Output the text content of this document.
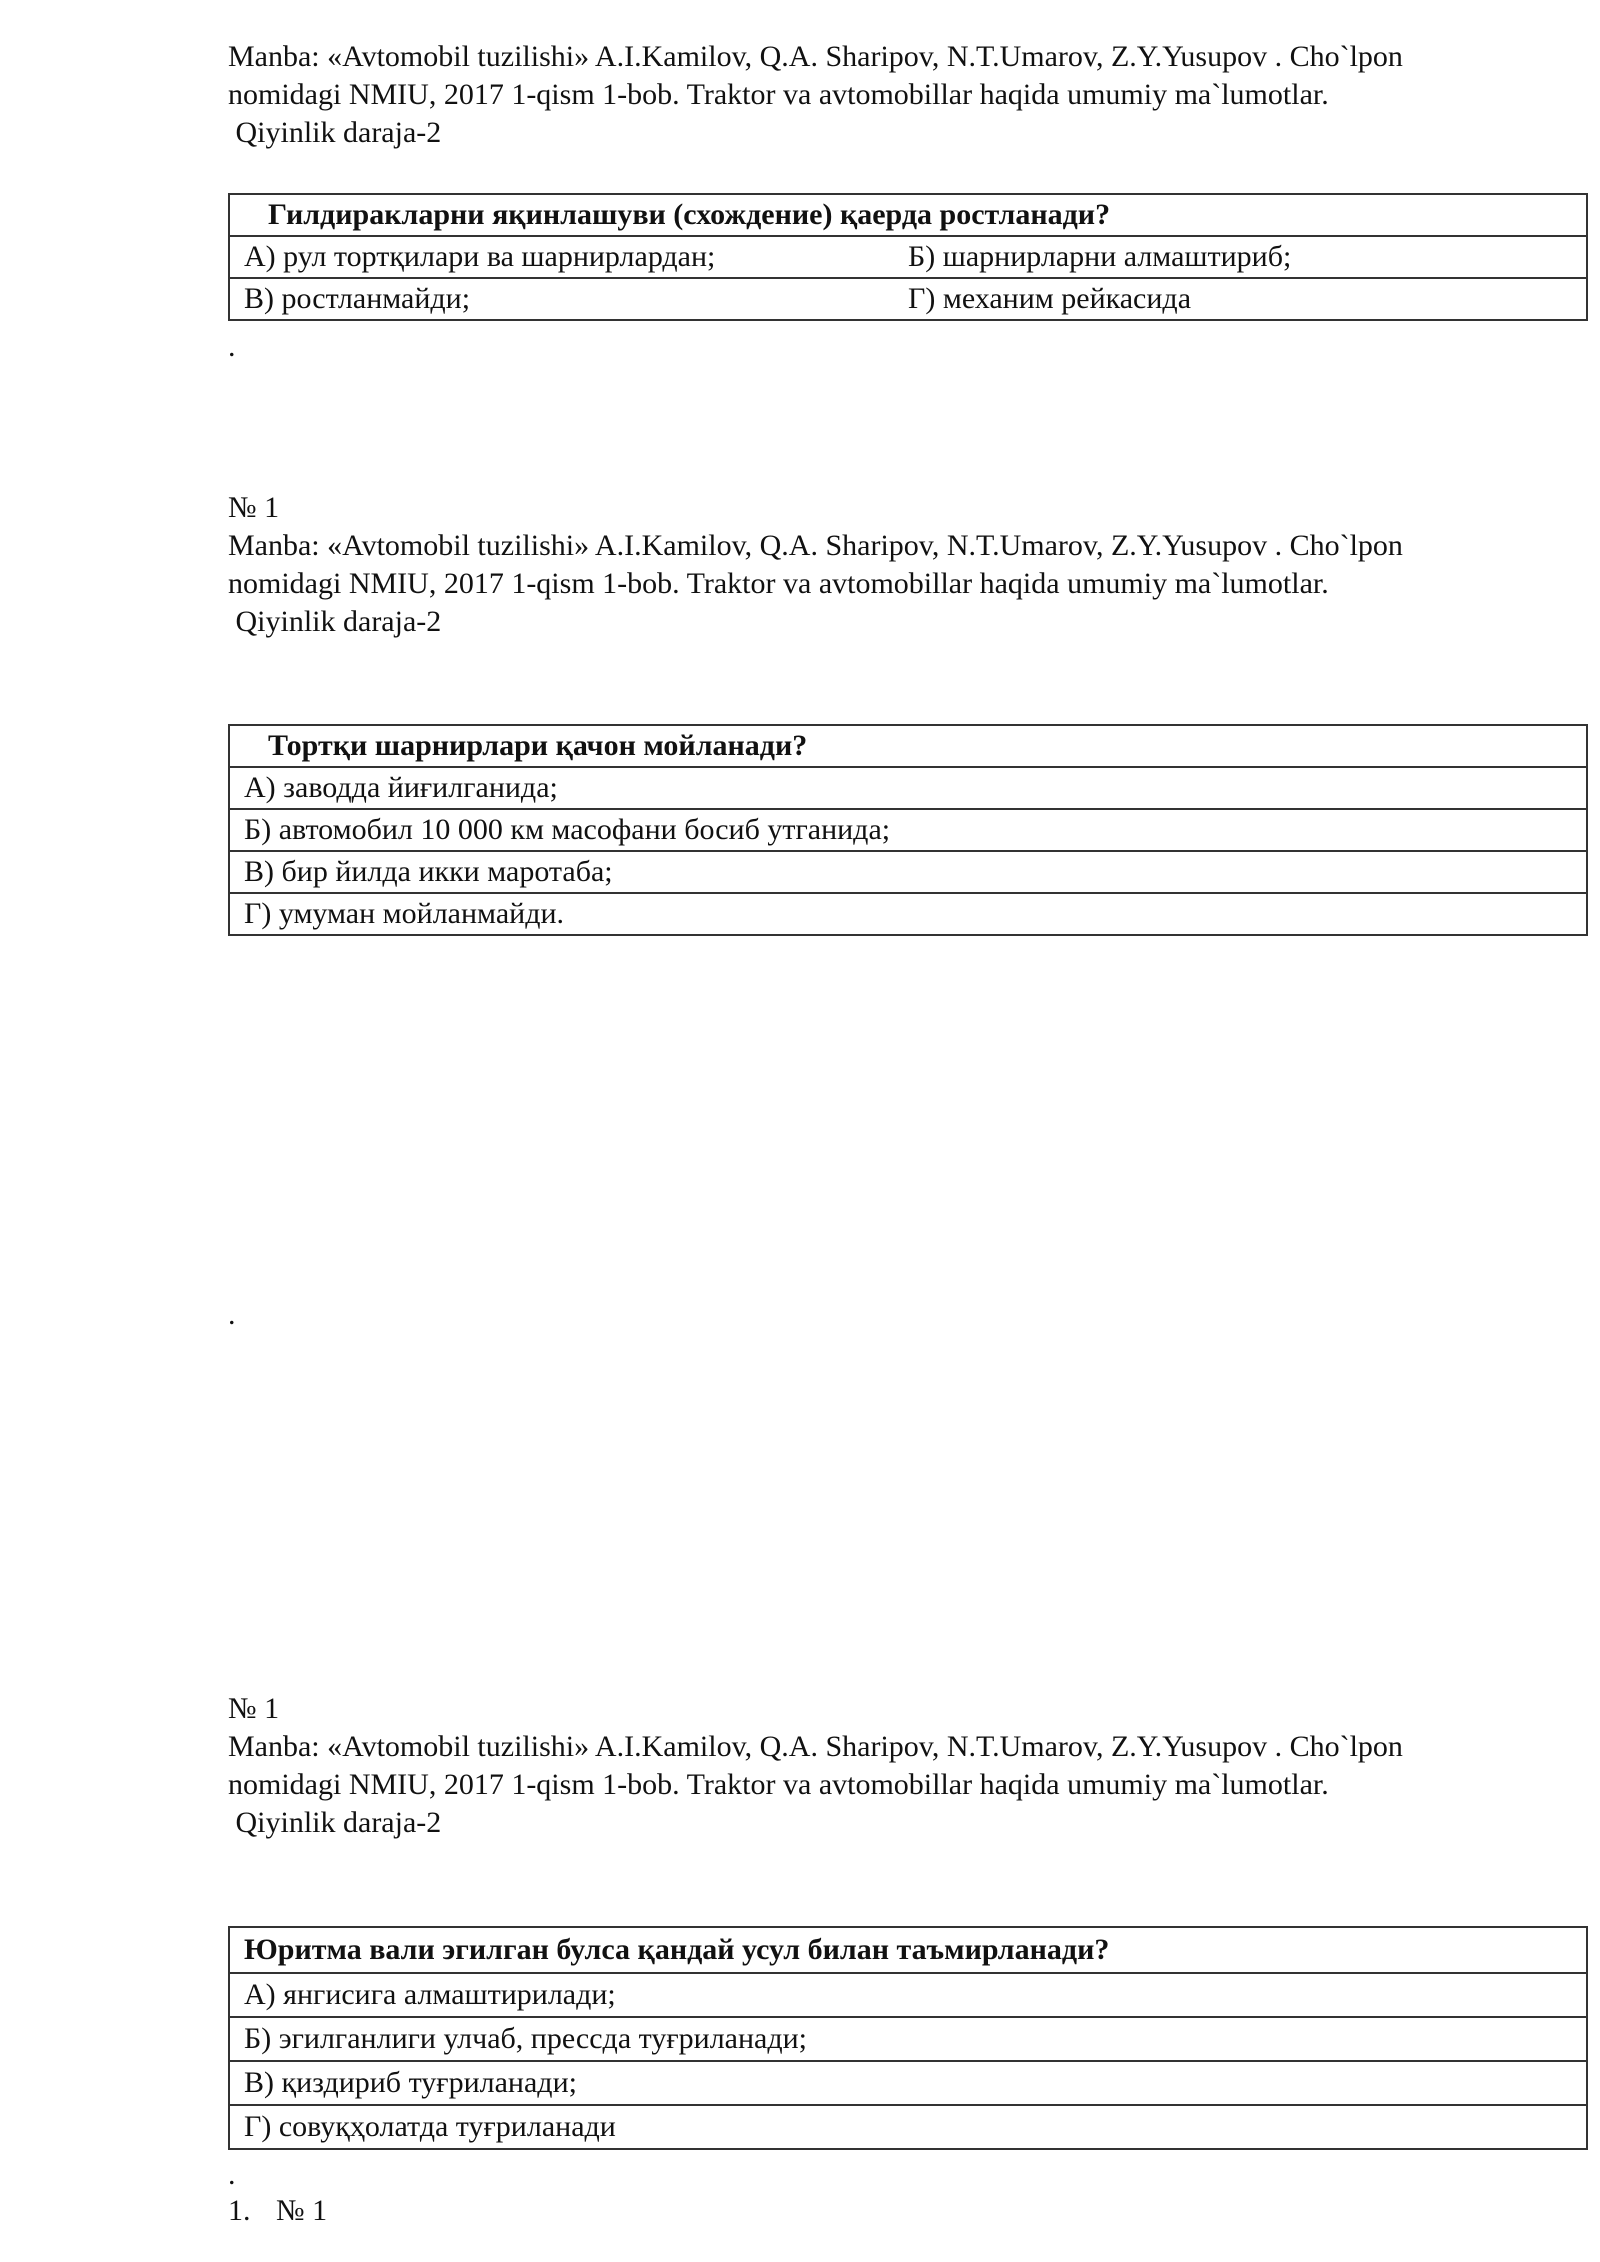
Manba: «Avtomobil tuzilishi» A.I.Kamilov, Q.A. Sharipov, N.T.Umarov, Z.Y.Yusupov . Cho`lpon
nomidagi NMIU, 2017 1-qism 1-bob. Traktor va avtomobillar haqida umumiy ma`lumotlar.
Qiyinlik daraja-2
Гилдиракларни яқинлашуви (схождение) қаерда ростланади?
А) рул тортқилари ва шарнирлардан;	Б) шарнирларни алмаштириб;
В) ростланмайди;	Г) механим рейкасида
.
№ 1
Manba: «Avtomobil tuzilishi» A.I.Kamilov, Q.A. Sharipov, N.T.Umarov, Z.Y.Yusupov . Cho`lpon
nomidagi NMIU, 2017 1-qism 1-bob. Traktor va avtomobillar haqida umumiy ma`lumotlar.
Qiyinlik daraja-2
Тортқи шарнирлари қачон мойланади?
А) заводда йиғилганида;
Б) автомобил 10 000 км масофани босиб утганида;
В) бир йилда икки маротаба;
Г) умуман мойланмайди.
.
№ 1
Manba: «Avtomobil tuzilishi» A.I.Kamilov, Q.A. Sharipov, N.T.Umarov, Z.Y.Yusupov . Cho`lpon
nomidagi NMIU, 2017 1-qism 1-bob. Traktor va avtomobillar haqida umumiy ma`lumotlar.
Qiyinlik daraja-2
Юритма вали эгилган булса қандай усул билан таъмирланади?
А) янгисига алмаштирилади;
Б) эгилганлиги улчаб, прессда туғриланади;
В) қиздириб туғриланади;
Г) совуқҳолатда туғриланади
.
1. № 1
